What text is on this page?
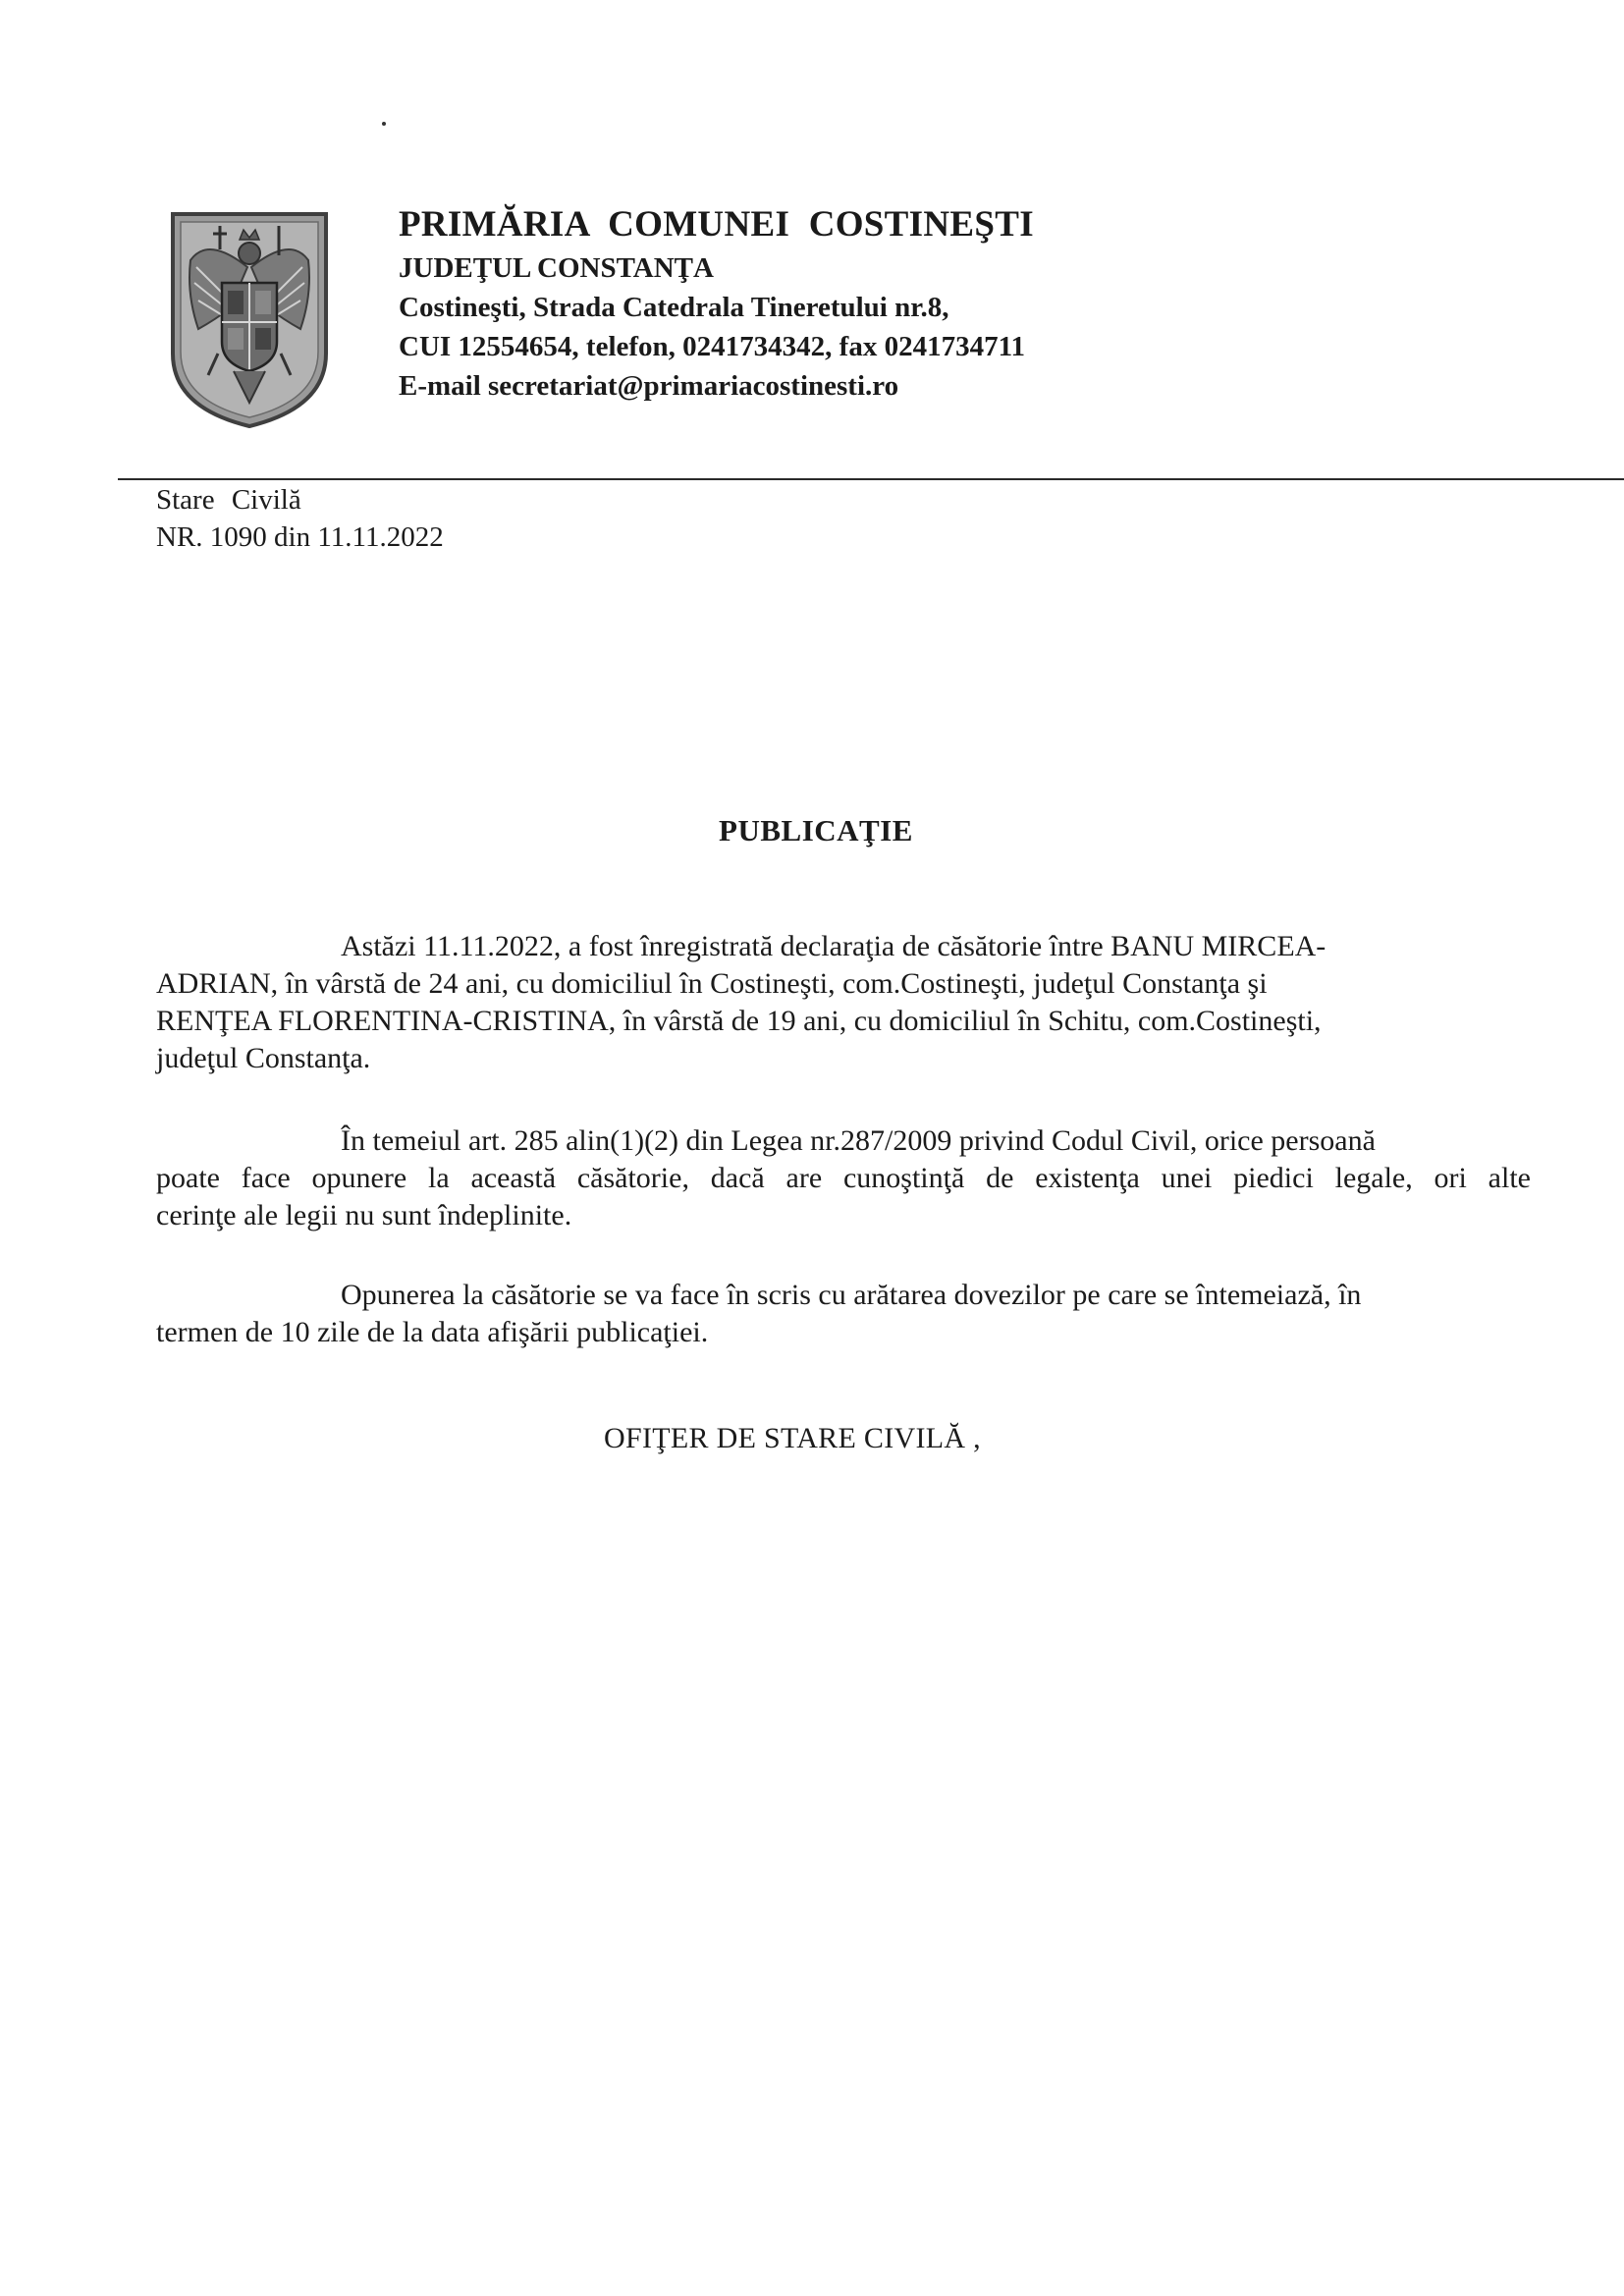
PRIMĂRIA COMUNEI COSTINEŞTI
JUDEŢUL CONSTANŢA
Costineşti, Strada Catedrala Tineretului nr.8,
CUI 12554654, telefon, 0241734342, fax 0241734711
E-mail secretariat@primariacostinesti.ro
Stare Civilă
NR. 1090 din 11.11.2022
PUBLICAŢIE
Astăzi 11.11.2022, a fost înregistrată declaraţia de căsătorie între BANU MIRCEA-
ADRIAN, în vârstă de 24 ani, cu domiciliul în Costineşti, com.Costineşti, judeţul Constanţa şi
RENŢEA FLORENTINA-CRISTINA, în vârstă de 19 ani, cu domiciliul în Schitu, com.Costineşti,
judeţul Constanţa.
În temeiul art. 285 alin(1)(2) din Legea nr.287/2009 privind Codul Civil, orice persoană
poate face opunere la această căsătorie, dacă are cunoştinţă de existenţa unei piedici legale, ori alte
cerinţe ale legii nu sunt îndeplinite.
Opunerea la căsătorie se va face în scris cu arătarea dovezilor pe care se întemeiază, în
termen de 10 zile de la data afişării publicaţiei.
OFIŢER DE STARE CIVILĂ ,
